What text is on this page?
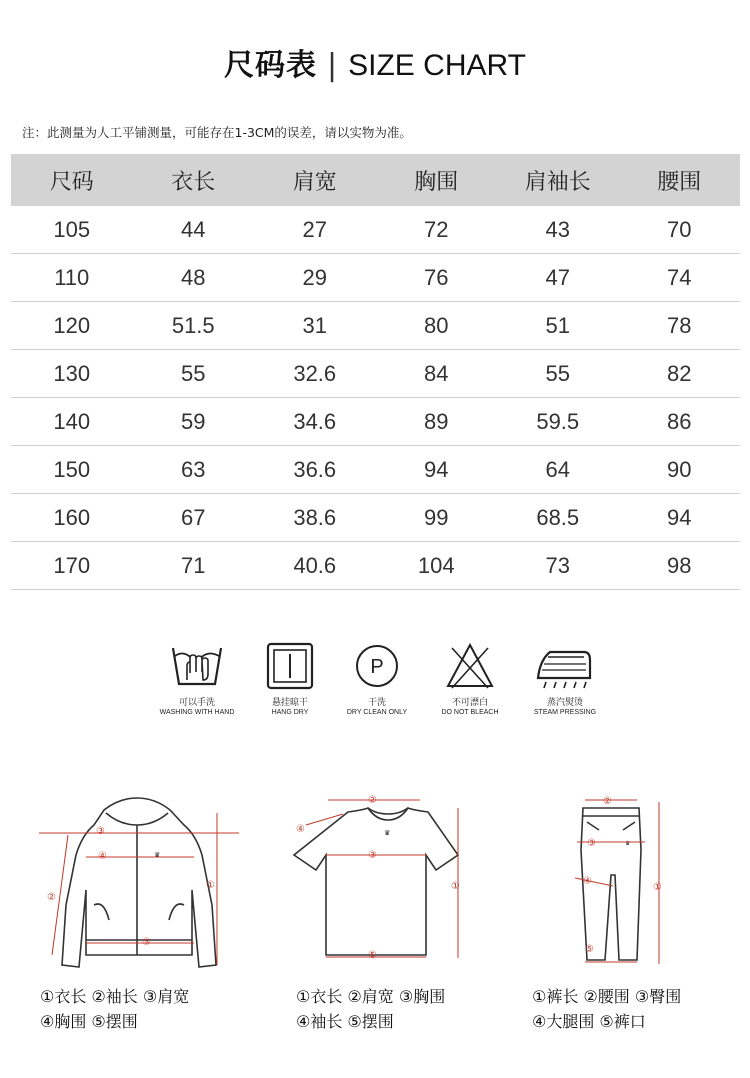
尺码表 | SIZE CHART
注：此测量为人工平铺测量，可能存在1-3CM的误差，请以实物为准。
尺码	衣长	肩宽	胸围	肩袖长	腰围
105	44	27	72	43	70
110	48	29	76	47	74
120	51.5	31	80	51	78
130	55	32.6	84	55	82
140	59	34.6	89	59.5	86
150	63	36.6	94	64	90
160	67	38.6	99	68.5	94
170	71	40.6	104	73	98
可以手洗
WASHING WITH HAND
悬挂晾干
HANG DRY
P
干洗
DRY CLEAN ONLY
不可漂白
DO NOT BLEACH
蒸汽熨烫
STEAM PRESSING
♛
③
④
①
②
⑤
♛
②
④
③
①
⑤
♛
②
③
④
①
⑤
①衣长 ②袖长 ③肩宽
④胸围 ⑤摆围
①衣长 ②肩宽 ③胸围
④袖长 ⑤摆围
①裤长 ②腰围 ③臀围
④大腿围 ⑤裤口
